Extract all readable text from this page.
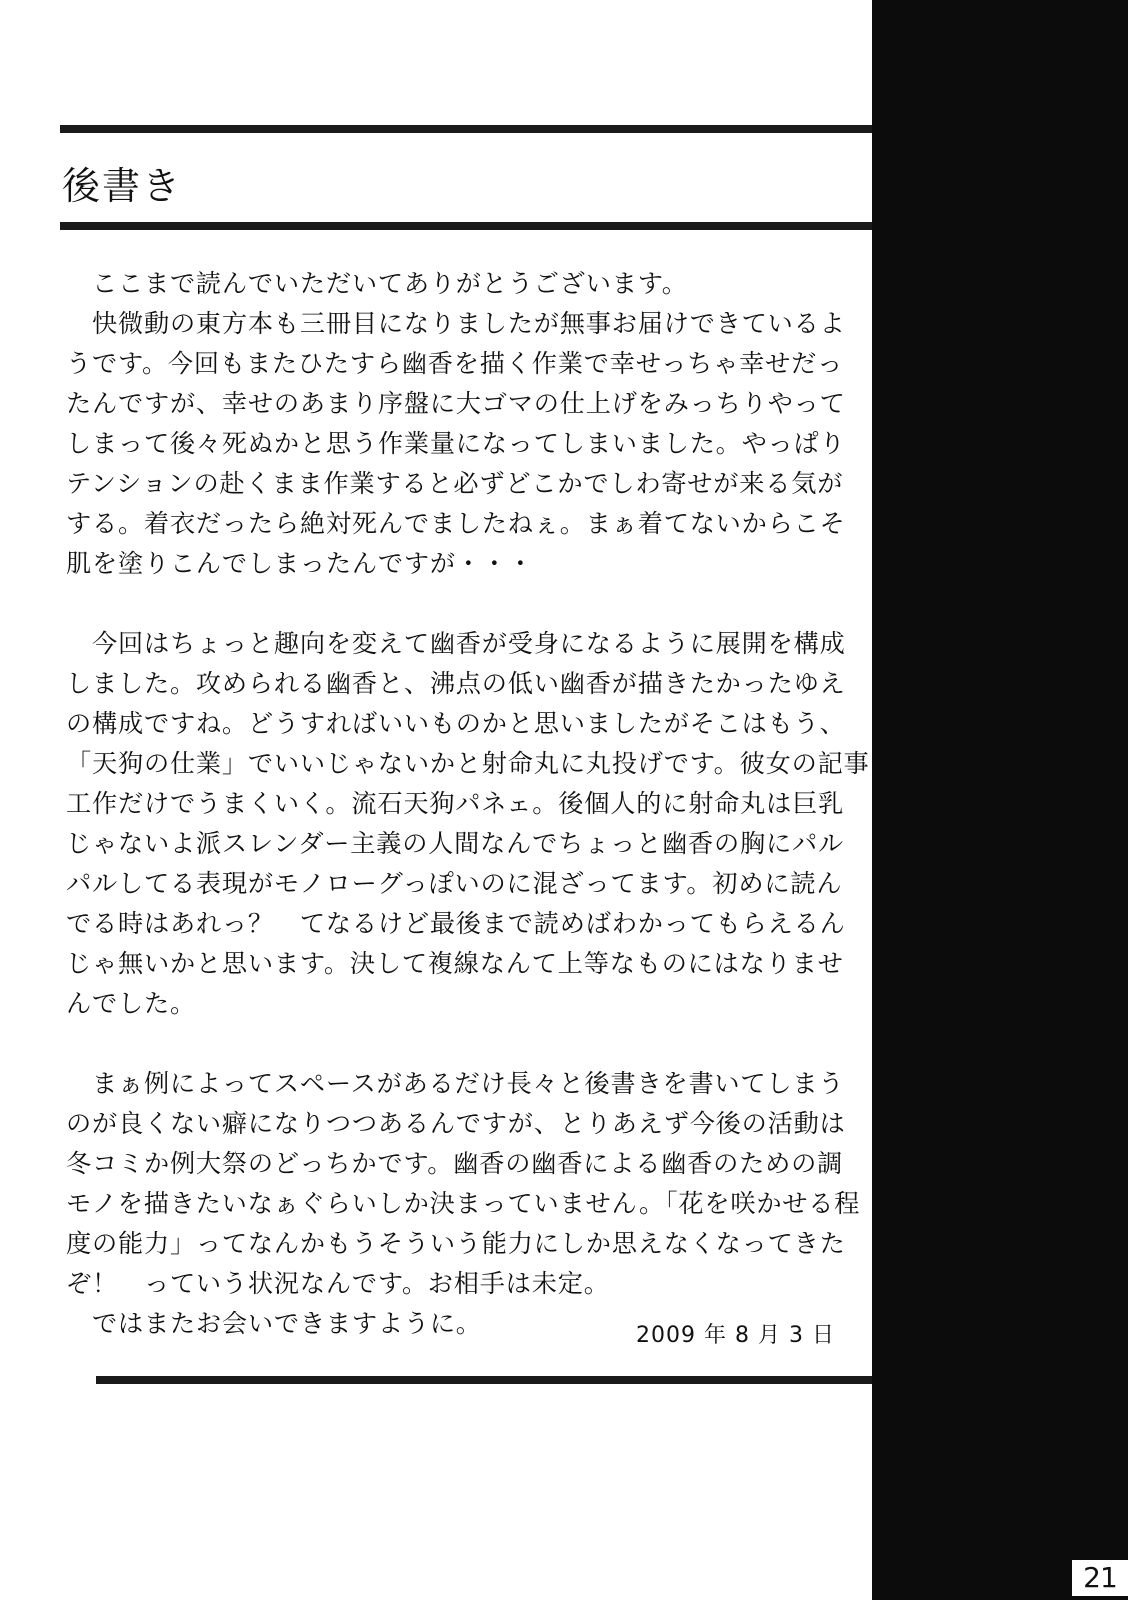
21
後書き
　ここまで読んでいただいてありがとうございます。
　快微動の東方本も三冊目になりましたが無事お届けできているよ
うです。今回もまたひたすら幽香を描く作業で幸せっちゃ幸せだっ
たんですが、幸せのあまり序盤に大ゴマの仕上げをみっちりやって
しまって後々死ぬかと思う作業量になってしまいました。やっぱり
テンションの赴くまま作業すると必ずどこかでしわ寄せが来る気が
する。着衣だったら絶対死んでましたねぇ。まぁ着てないからこそ
肌を塗りこんでしまったんですが・・・
　今回はちょっと趣向を変えて幽香が受身になるように展開を構成
しました。攻められる幽香と、沸点の低い幽香が描きたかったゆえ
の構成ですね。どうすればいいものかと思いましたがそこはもう、
「天狗の仕業」でいいじゃないかと射命丸に丸投げです。彼女の記事
工作だけでうまくいく。流石天狗パネェ。後個人的に射命丸は巨乳
じゃないよ派スレンダー主義の人間なんでちょっと幽香の胸にパル
パルしてる表現がモノローグっぽいのに混ざってます。初めに読ん
でる時はあれっ？　てなるけど最後まで読めばわかってもらえるん
じゃ無いかと思います。決して複線なんて上等なものにはなりませ
んでした。
　まぁ例によってスペースがあるだけ長々と後書きを書いてしまう
のが良くない癖になりつつあるんですが、とりあえず今後の活動は
冬コミか例大祭のどっちかです。幽香の幽香による幽香のための調
モノを描きたいなぁぐらいしか決まっていません。「花を咲かせる程
度の能力」ってなんかもうそういう能力にしか思えなくなってきた
ぞ！　っていう状況なんです。お相手は未定。
　ではまたお会いできますように。	2009 年 8 月 3 日
